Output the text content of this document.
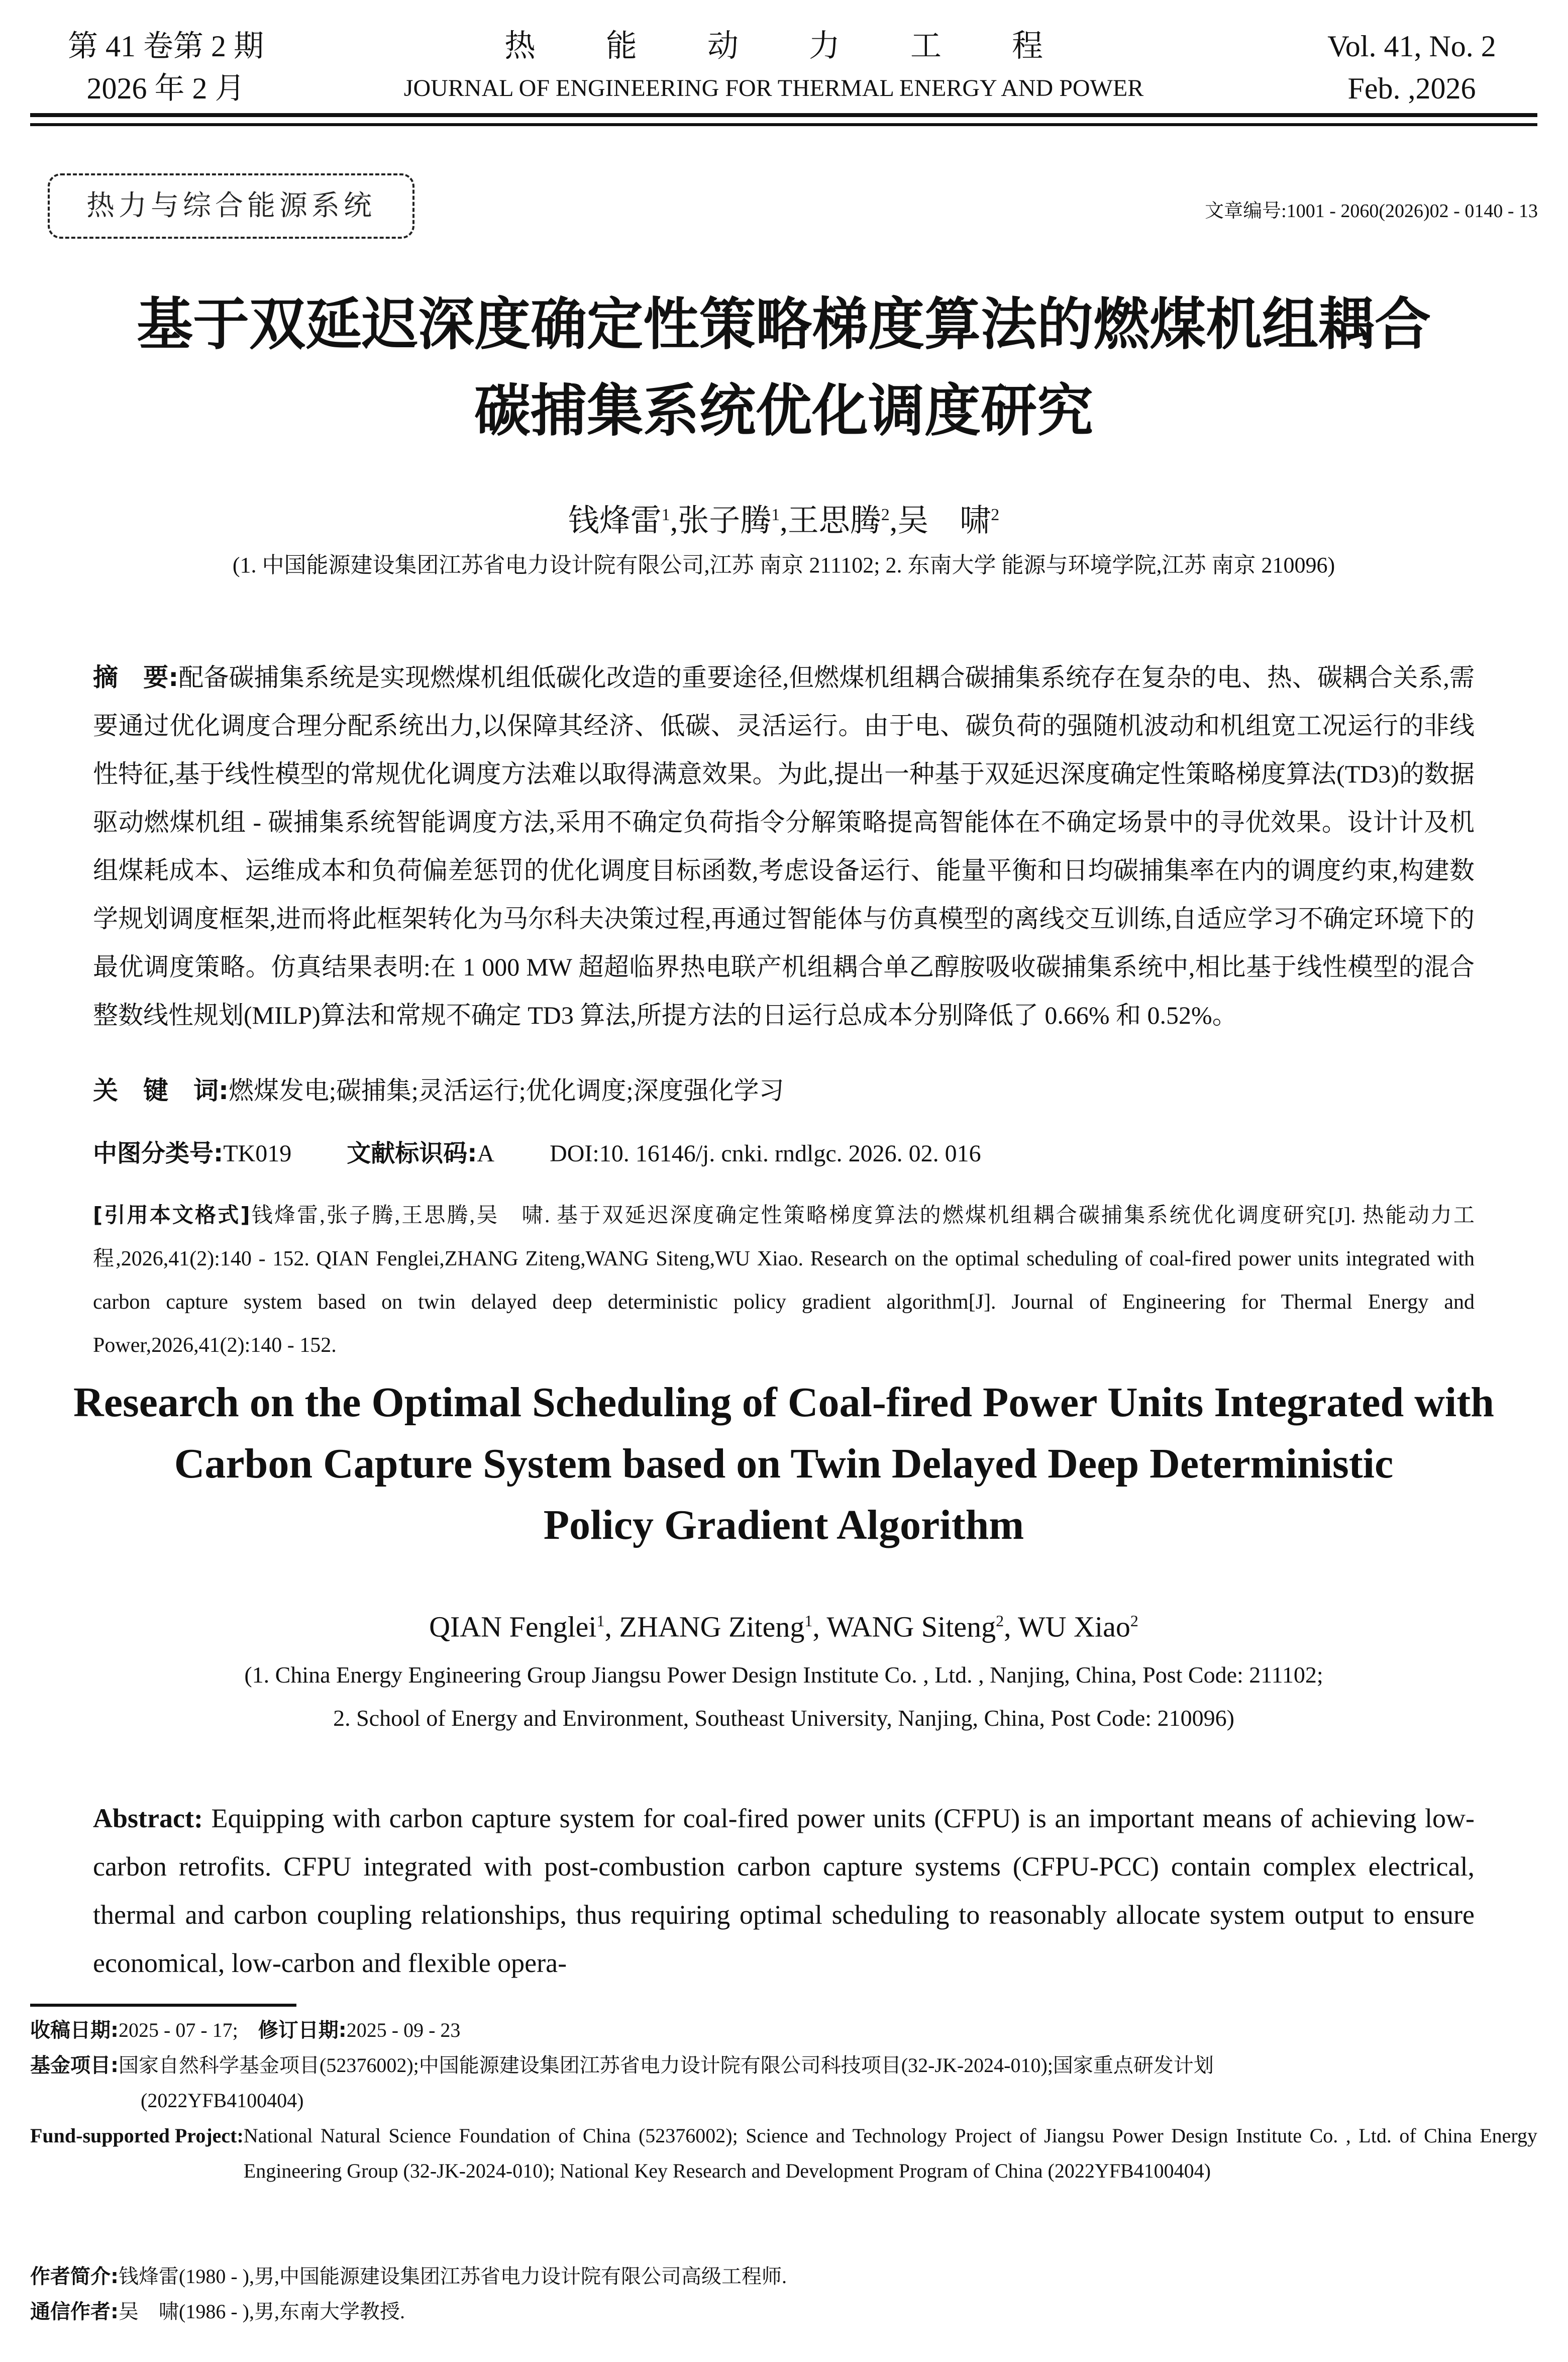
第 41 卷第 2 期
2026 年 2 月
热能动力工程
JOURNAL OF ENGINEERING FOR THERMAL ENERGY AND POWER
Vol. 41, No. 2
Feb. ,2026
热力与综合能源系统	文章编号:1001 - 2060(2026)02 - 0140 - 13
基于双延迟深度确定性策略梯度算法的燃煤机组耦合
碳捕集系统优化调度研究
钱烽雷$^1$,张子腾$^1$,王思腾$^2$,吴　啸$^2$
(1. 中国能源建设集团江苏省电力设计院有限公司,江苏 南京 211102; 2. 东南大学 能源与环境学院,江苏 南京 210096)
摘　要:配备碳捕集系统是实现燃煤机组低碳化改造的重要途径,但燃煤机组耦合碳捕集系统存在复杂的电、热、碳耦合关系,需要通过优化调度合理分配系统出力,以保障其经济、低碳、灵活运行。由于电、碳负荷的强随机波动和机组宽工况运行的非线性特征,基于线性模型的常规优化调度方法难以取得满意效果。为此,提出一种基于双延迟深度确定性策略梯度算法(TD3)的数据驱动燃煤机组 - 碳捕集系统智能调度方法,采用不确定负荷指令分解策略提高智能体在不确定场景中的寻优效果。设计计及机组煤耗成本、运维成本和负荷偏差惩罚的优化调度目标函数,考虑设备运行、能量平衡和日均碳捕集率在内的调度约束,构建数学规划调度框架,进而将此框架转化为马尔科夫决策过程,再通过智能体与仿真模型的离线交互训练,自适应学习不确定环境下的最优调度策略。仿真结果表明:在 1 000 MW 超超临界热电联产机组耦合单乙醇胺吸收碳捕集系统中,相比基于线性模型的混合整数线性规划(MILP)算法和常规不确定 TD3 算法,所提方法的日运行总成本分别降低了 0.66% 和 0.52%。
关　键　词:燃煤发电;碳捕集;灵活运行;优化调度;深度强化学习
中图分类号:TK019 文献标识码:A DOI:10. 16146/j. cnki. rndlgc. 2026. 02. 016
[引用本文格式]钱烽雷,张子腾,王思腾,吴　啸. 基于双延迟深度确定性策略梯度算法的燃煤机组耦合碳捕集系统优化调度研究[J]. 热能动力工程,2026,41(2):140 - 152. QIAN Fenglei,ZHANG Ziteng,WANG Siteng,WU Xiao. Research on the optimal scheduling of coal-fired power units integrated with carbon capture system based on twin delayed deep deterministic policy gradient algorithm[J]. Journal of Engineering for Thermal Energy and Power,2026,41(2):140 - 152.
Research on the Optimal Scheduling of Coal-fired Power Units Integrated with
Carbon Capture System based on Twin Delayed Deep Deterministic
Policy Gradient Algorithm
QIAN Fenglei$^1$, ZHANG Ziteng$^1$, WANG Siteng$^2$, WU Xiao$^2$
(1. China Energy Engineering Group Jiangsu Power Design Institute Co. , Ltd. , Nanjing, China, Post Code: 211102;
2. School of Energy and Environment, Southeast University, Nanjing, China, Post Code: 210096)
Abstract: Equipping with carbon capture system for coal-fired power units (CFPU) is an important means of achieving low-carbon retrofits. CFPU integrated with post-combustion carbon capture systems (CFPU-PCC) contain complex electrical, thermal and carbon coupling relationships, thus requiring optimal scheduling to reasonably allocate system output to ensure economical, low-carbon and flexible opera-
收稿日期:2025 - 07 - 17;　 修订日期:2025 - 09 - 23
基金项目:国家自然科学基金项目(52376002);中国能源建设集团江苏省电力设计院有限公司科技项目(32-JK-2024-010);国家重点研发计划
(2022YFB4100404)
Fund-supported Project: National Natural Science Foundation of China (52376002); Science and Technology Project of Jiangsu Power Design Institute Co. , Ltd. of China Energy Engineering Group (32-JK-2024-010); National Key Research and Development Program of China (2022YFB4100404)
作者简介:钱烽雷(1980 - ),男,中国能源建设集团江苏省电力设计院有限公司高级工程师.
通信作者:吴　啸(1986 - ),男,东南大学教授.
